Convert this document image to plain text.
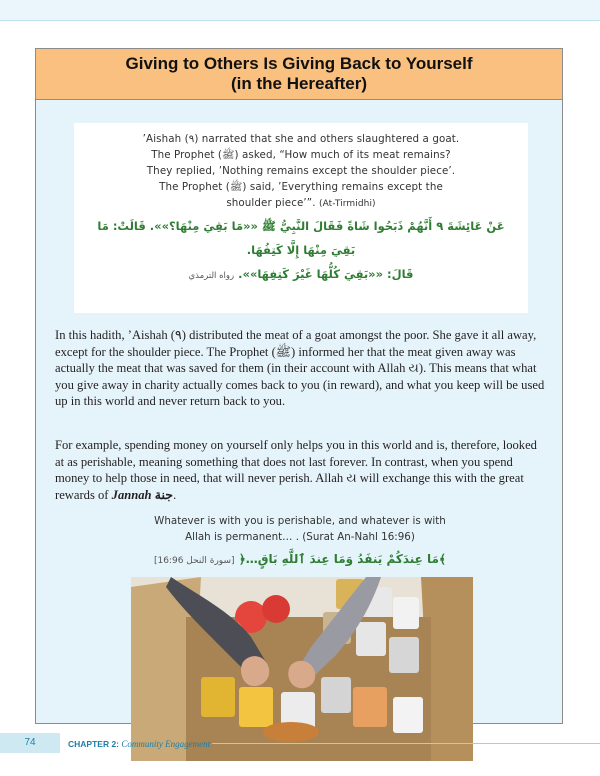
Giving to Others Is Giving Back to Yourself
(in the Hereafter)
’Aishah (٩) narrated that she and others slaughtered a goat.
The Prophet (ﷺ) asked, “How much of its meat remains?
They replied, ’Nothing remains except the shoulder piece’.
The Prophet (ﷺ) said, ’Everything remains except the
shoulder piece’”. (At-Tirmidhi)
عَنْ عَائِشَةَ ٩ أَنَّهُمْ ذَبَحُوا شَاةً فَقَالَ النَّبِيُّ ﷺ ««مَا بَقِيَ مِنْهَا؟»». قَالَتْ: مَا بَقِيَ مِنْهَا إِلَّا كَتِفُهَا.
قَالَ: ««بَقِيَ كُلُّهَا غَيْرَ كَتِفِهَا»». رواه الترمذي

In this hadith, ’Aishah (٩) distributed the meat of a goat amongst the poor. She gave it all away, except for the shoulder piece. The Prophet (ﷺ) informed her that the meat given away was actually the meat that was saved for them (in their account with Allah ય). This means that what you give away in charity actually comes back to you (in reward), and what you keep will be used up in this world and never return back to you.

For example, spending money on yourself only helps you in this world and is, therefore, looked at as perishable, meaning something that does not last forever. In contrast, when you spend money to help those in need, that will never perish. Allah ય will exchange this with the great rewards of Jannah جنة.

Whatever is with you is perishable, and whatever is with
Allah is permanent… . (Surat An-Nahl 16:96)
﴾مَا عِندَكُمْ يَنفَدُ وَمَا عِندَ ٱللَّهِ بَاقٍ…﴿ [سورة النحل 16:96]
74	CHAPTER 2: Community Engagement
